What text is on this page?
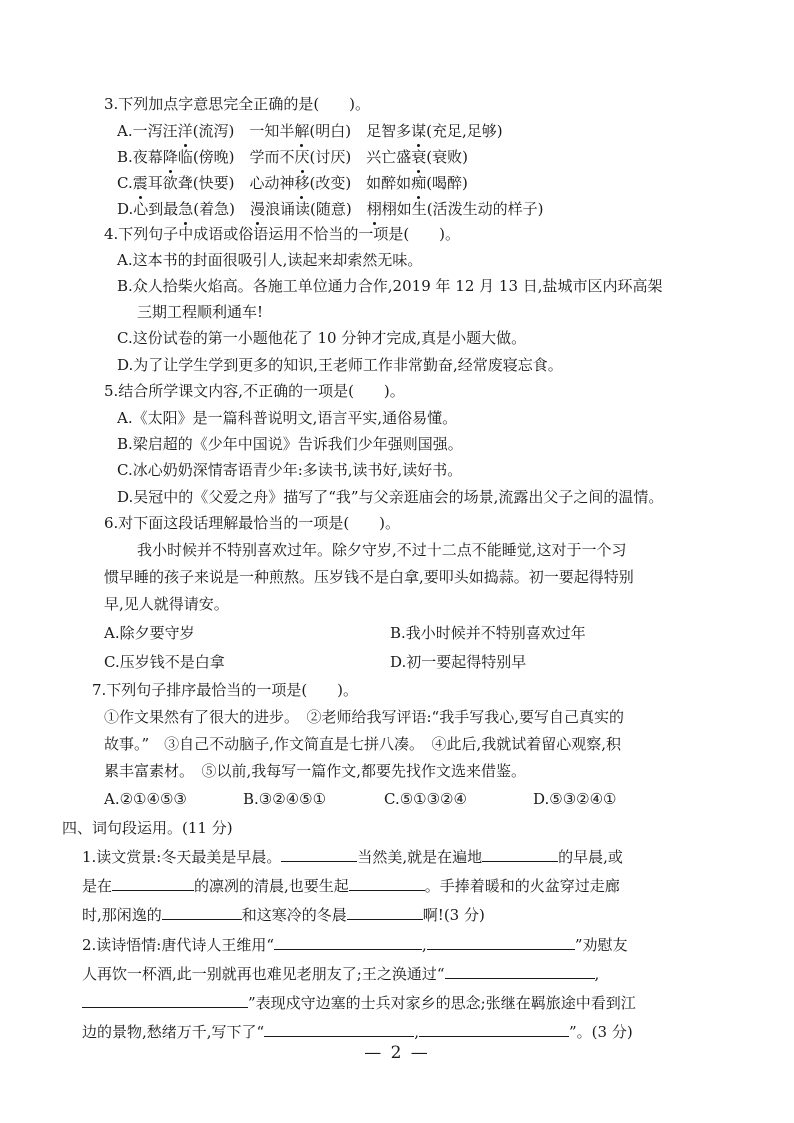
3.下列加点字意思完全正确的是(　　)。
A.一泻汪洋(流泻)　一知半解(明白)　足智多谋(充足,足够)
B.夜幕降临(傍晚)　学而不厌(讨厌)　兴亡盛衰(衰败)
C.震耳欲聋(快要)　心动神移(改变)　如醉如痴(喝醉)
D.心到最急(着急)　漫浪诵读(随意)　栩栩如生(活泼生动的样子)
4.下列句子中成语或俗语运用不恰当的一项是(　　)。
A.这本书的封面很吸引人,读起来却索然无味。
B.众人拾柴火焰高。各施工单位通力合作,2019 年 12 月 13 日,盐城市区内环高架
三期工程顺利通车!
C.这份试卷的第一小题他花了 10 分钟才完成,真是小题大做。
D.为了让学生学到更多的知识,王老师工作非常勤奋,经常废寝忘食。
5.结合所学课文内容,不正确的一项是(　　)。
A.《太阳》是一篇科普说明文,语言平实,通俗易懂。
B.梁启超的《少年中国说》告诉我们少年强则国强。
C.冰心奶奶深情寄语青少年:多读书,读书好,读好书。
D.吴冠中的《父爱之舟》描写了“我”与父亲逛庙会的场景,流露出父子之间的温情。
6.对下面这段话理解最恰当的一项是(　　)。
我小时候并不特别喜欢过年。除夕守岁,不过十二点不能睡觉,这对于一个习
惯早睡的孩子来说是一种煎熬。压岁钱不是白拿,要叩头如捣蒜。初一要起得特别
早,见人就得请安。
A.除夕要守岁	B.我小时候并不特别喜欢过年
C.压岁钱不是白拿	D.初一要起得特别早
7.下列句子排序最恰当的一项是(　　)。
①作文果然有了很大的进步。　②老师给我写评语:“我手写我心,要写自己真实的
故事。”　③自己不动脑子,作文简直是七拼八凑。　④此后,我就试着留心观察,积
累丰富素材。　⑤以前,我每写一篇作文,都要先找作文选来借鉴。
A.②①④⑤③	B.③②④⑤①	C.⑤①③②④	D.⑤③②④①
四、词句段运用。(11 分)
1.读文赏景:冬天最美是早晨。	当然美,就是在遍地	的早晨,或
是在	的凛冽的清晨,也要生起	。手捧着暖和的火盆穿过走廊
时,那闲逸的	和这寒冷的冬晨	啊!(3 分)
2.读诗悟情:唐代诗人王维用“	,	”劝慰友
人再饮一杯酒,此一别就再也难见老朋友了;王之涣通过“	,
”表现戍守边塞的士兵对家乡的思念;张继在羁旅途中看到江
边的景物,愁绪万千,写下了“	,	”。(3 分)
— 2 —
